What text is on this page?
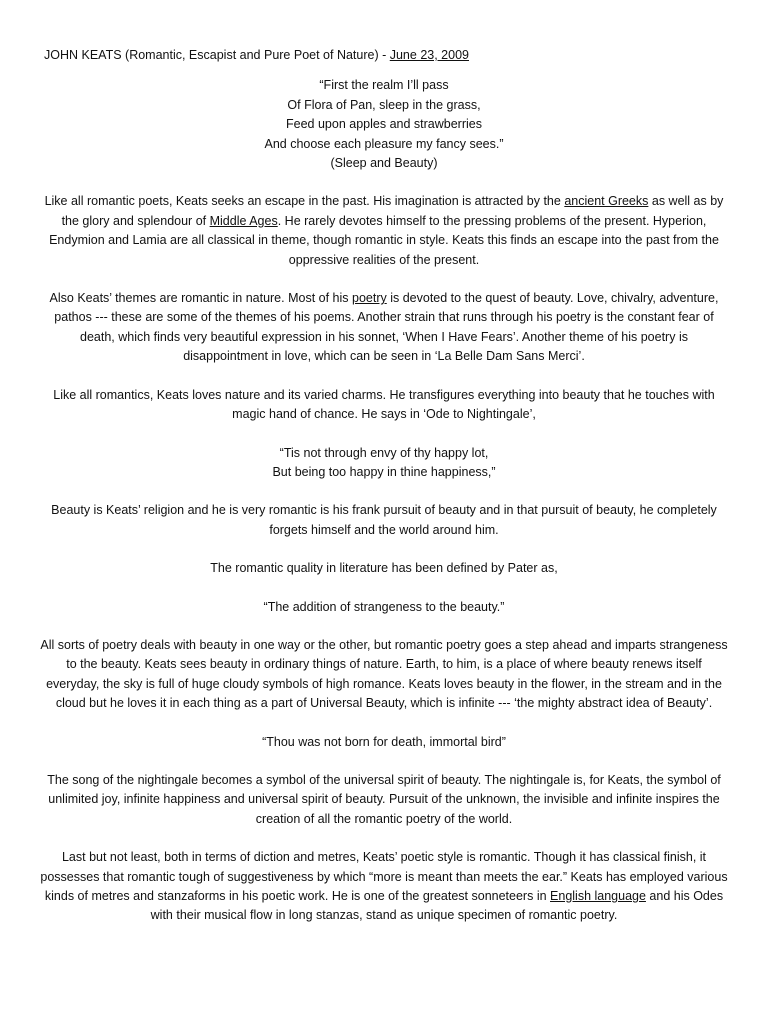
JOHN KEATS (Romantic, Escapist and Pure Poet of Nature) - June 23, 2009

“First the realm I’ll pass

Of Flora of Pan, sleep in the grass,

Feed upon apples and strawberries

And choose each pleasure my fancy sees.”

(Sleep and Beauty)

Like all romantic poets, Keats seeks an escape in the past. His imagination is attracted by the ancient Greeks as well as by the glory and splendour of Middle Ages. He rarely devotes himself to the pressing problems of the present. Hyperion, Endymion and Lamia are all classical in theme, though romantic in style. Keats this finds an escape into the past from the oppressive realities of the present.

Also Keats’ themes are romantic in nature. Most of his poetry is devoted to the quest of beauty. Love, chivalry, adventure, pathos --- these are some of the themes of his poems. Another strain that runs through his poetry is the constant fear of death, which finds very beautiful expression in his sonnet, ‘When I Have Fears’. Another theme of his poetry is disappointment in love, which can be seen in ‘La Belle Dam Sans Merci’.

Like all romantics, Keats loves nature and its varied charms. He transfigures everything into beauty that he touches with magic hand of chance. He says in ‘Ode to Nightingale’,

“Tis not through envy of thy happy lot,

But being too happy in thine happiness,”

Beauty is Keats’ religion and he is very romantic is his frank pursuit of beauty and in that pursuit of beauty, he completely forgets himself and the world around him.

The romantic quality in literature has been defined by Pater as,

“The addition of strangeness to the beauty.”

All sorts of poetry deals with beauty in one way or the other, but romantic poetry goes a step ahead and imparts strangeness to the beauty. Keats sees beauty in ordinary things of nature. Earth, to him, is a place of where beauty renews itself everyday, the sky is full of huge cloudy symbols of high romance. Keats loves beauty in the flower, in the stream and in the cloud but he loves it in each thing as a part of Universal Beauty, which is infinite --- ‘the mighty abstract idea of Beauty’.

“Thou was not born for death, immortal bird”

The song of the nightingale becomes a symbol of the universal spirit of beauty. The nightingale is, for Keats, the symbol of unlimited joy, infinite happiness and universal spirit of beauty. Pursuit of the unknown, the invisible and infinite inspires the creation of all the romantic poetry of the world.

Last but not least, both in terms of diction and metres, Keats’ poetic style is romantic. Though it has classical finish, it possesses that romantic tough of suggestiveness by which “more is meant than meets the ear.” Keats has employed various kinds of metres and stanzaforms in his poetic work. He is one of the greatest sonneteers in English language and his Odes with their musical flow in long stanzas, stand as unique specimen of romantic poetry.
